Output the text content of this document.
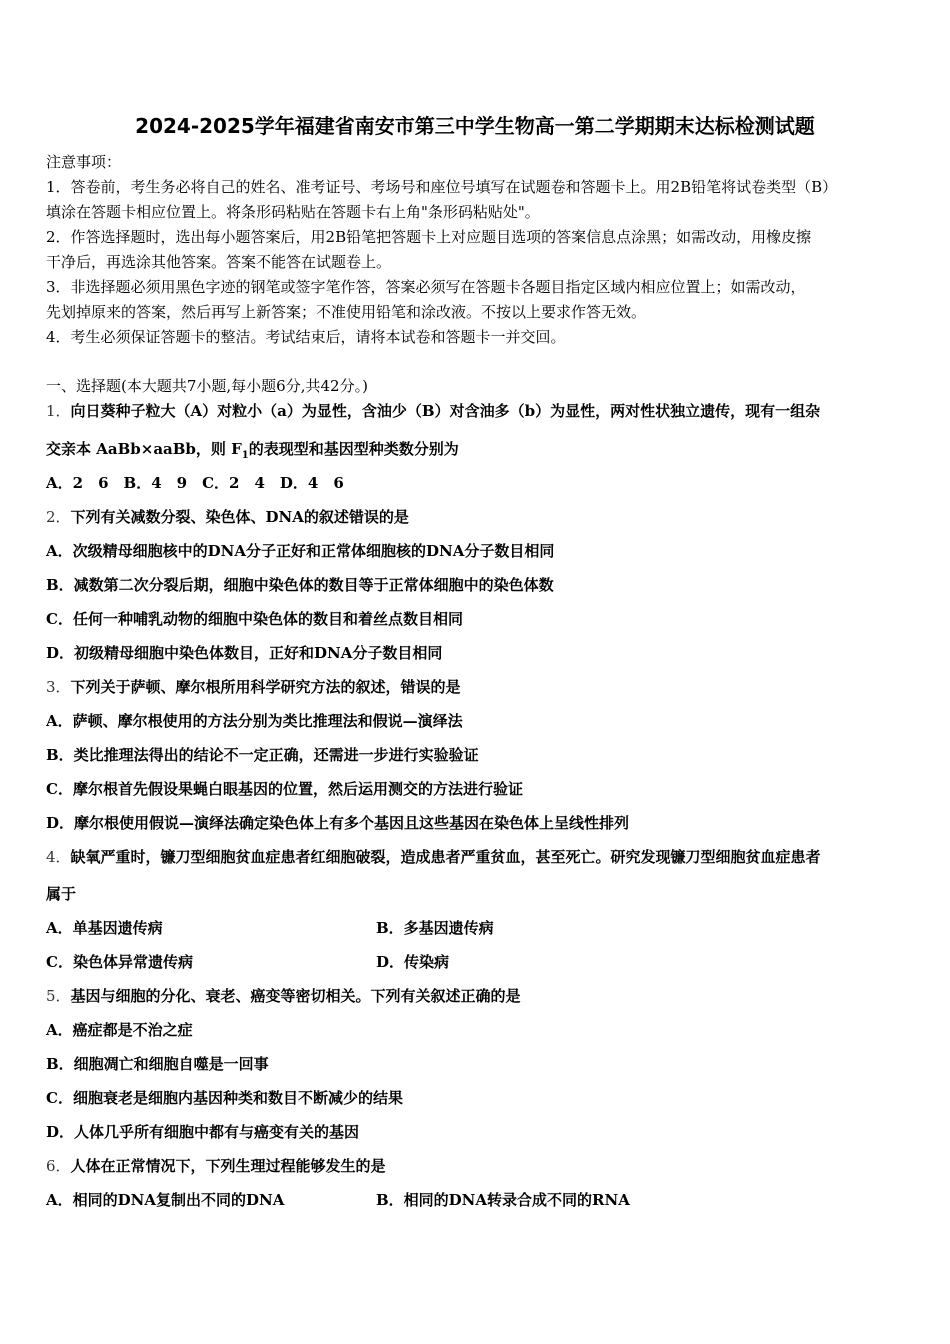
2024-2025学年福建省南安市第三中学生物高一第二学期期末达标检测试题
注意事项：
1．答卷前，考生务必将自己的姓名、准考证号、考场号和座位号填写在试题卷和答题卡上。用2B铅笔将试卷类型（B）
填涂在答题卡相应位置上。将条形码粘贴在答题卡右上角"条形码粘贴处"。
2．作答选择题时，选出每小题答案后，用2B铅笔把答题卡上对应题目选项的答案信息点涂黑；如需改动，用橡皮擦
干净后，再选涂其他答案。答案不能答在试题卷上。
3．非选择题必须用黑色字迹的钢笔或签字笔作答，答案必须写在答题卡各题目指定区域内相应位置上；如需改动，
先划掉原来的答案，然后再写上新答案；不准使用铅笔和涂改液。不按以上要求作答无效。
4．考生必须保证答题卡的整洁。考试结束后，请将本试卷和答题卡一并交回。
一、选择题(本大题共7小题,每小题6分,共42分。)
1．向日葵种子粒大（A）对粒小（a）为显性，含油少（B）对含油多（b）为显性，两对性状独立遗传，现有一组杂
交亲本 AaBb×aaBb，则 $F_1$的表现型和基因型种类数分别为
A．2　6　B．4　9　C．2　4　D．4　6
2．下列有关减数分裂、染色体、DNA的叙述错误的是
A．次级精母细胞核中的DNA分子正好和正常体细胞核的DNA分子数目相同
B．减数第二次分裂后期，细胞中染色体的数目等于正常体细胞中的染色体数
C．任何一种哺乳动物的细胞中染色体的数目和着丝点数目相同
D．初级精母细胞中染色体数目，正好和DNA分子数目相同
3．下列关于萨顿、摩尔根所用科学研究方法的叙述，错误的是
A．萨顿、摩尔根使用的方法分别为类比推理法和假说—演绎法
B．类比推理法得出的结论不一定正确，还需进一步进行实验验证
C．摩尔根首先假设果蝇白眼基因的位置，然后运用测交的方法进行验证
D．摩尔根使用假说—演绎法确定染色体上有多个基因且这些基因在染色体上呈线性排列
4．缺氧严重时，镰刀型细胞贫血症患者红细胞破裂，造成患者严重贫血，甚至死亡。研究发现镰刀型细胞贫血症患者
属于
A．单基因遗传病	B．多基因遗传病
C．染色体异常遗传病	D．传染病
5．基因与细胞的分化、衰老、癌变等密切相关。下列有关叙述正确的是
A．癌症都是不治之症
B．细胞凋亡和细胞自噬是一回事
C．细胞衰老是细胞内基因种类和数目不断减少的结果
D．人体几乎所有细胞中都有与癌变有关的基因
6．人体在正常情况下，下列生理过程能够发生的是
A．相同的DNA复制出不同的DNA	B．相同的DNA转录合成不同的RNA
